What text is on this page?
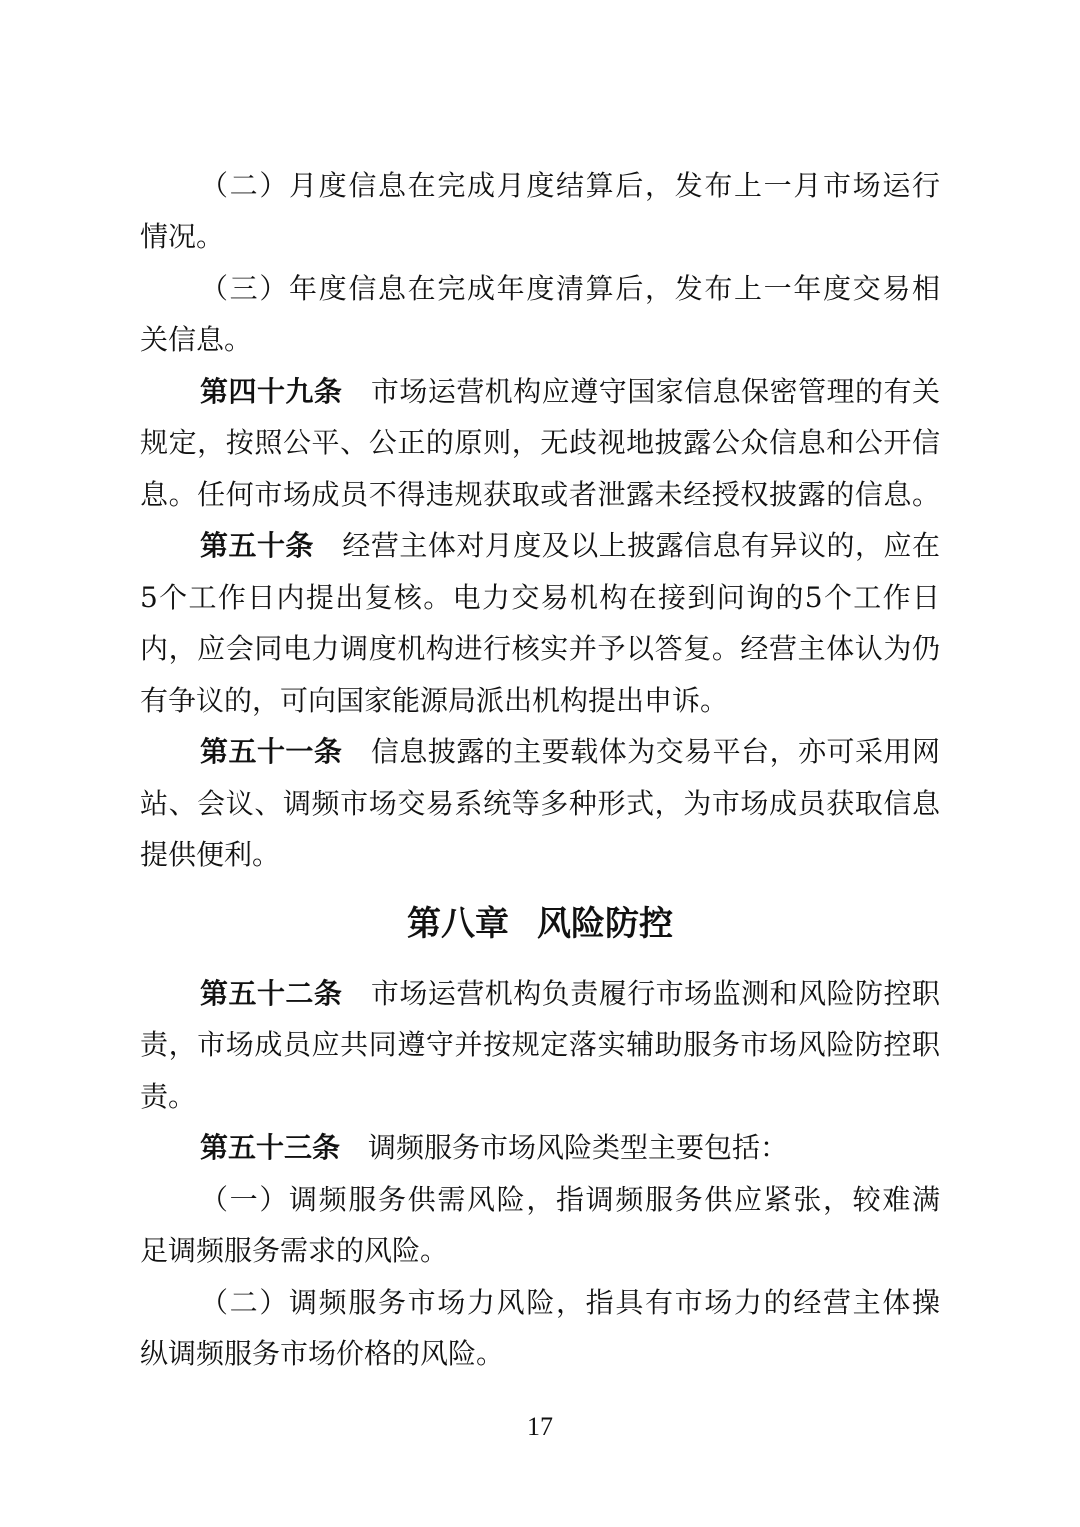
（二）月度信息在完成月度结算后，发布上一月市场运行
情况。
（三）年度信息在完成年度清算后，发布上一年度交易相
关信息。
第四十九条　 市场运营机构应遵守国家信息保密管理的有关
规定，按照公平、公正的原则，无歧视地披露公众信息和公开信
息。任何市场成员不得违规获取或者泄露未经授权披露的信息。
第五十条　 经营主体对月度及以上披露信息有异议的，应在
5个工作日内提出复核。电力交易机构在接到问询的5个工作日
内，应会同电力调度机构进行核实并予以答复。经营主体认为仍
有争议的，可向国家能源局派出机构提出申诉。
第五十一条　 信息披露的主要载体为交易平台，亦可采用网
站、会议、调频市场交易系统等多种形式，为市场成员获取信息
提供便利。
第八章 风险防控
第五十二条　 市场运营机构负责履行市场监测和风险防控职
责，市场成员应共同遵守并按规定落实辅助服务市场风险防控职
责。
第五十三条　 调频服务市场风险类型主要包括：
（一）调频服务供需风险，指调频服务供应紧张，较难满
足调频服务需求的风险。
（二）调频服务市场力风险，指具有市场力的经营主体操
纵调频服务市场价格的风险。
17
